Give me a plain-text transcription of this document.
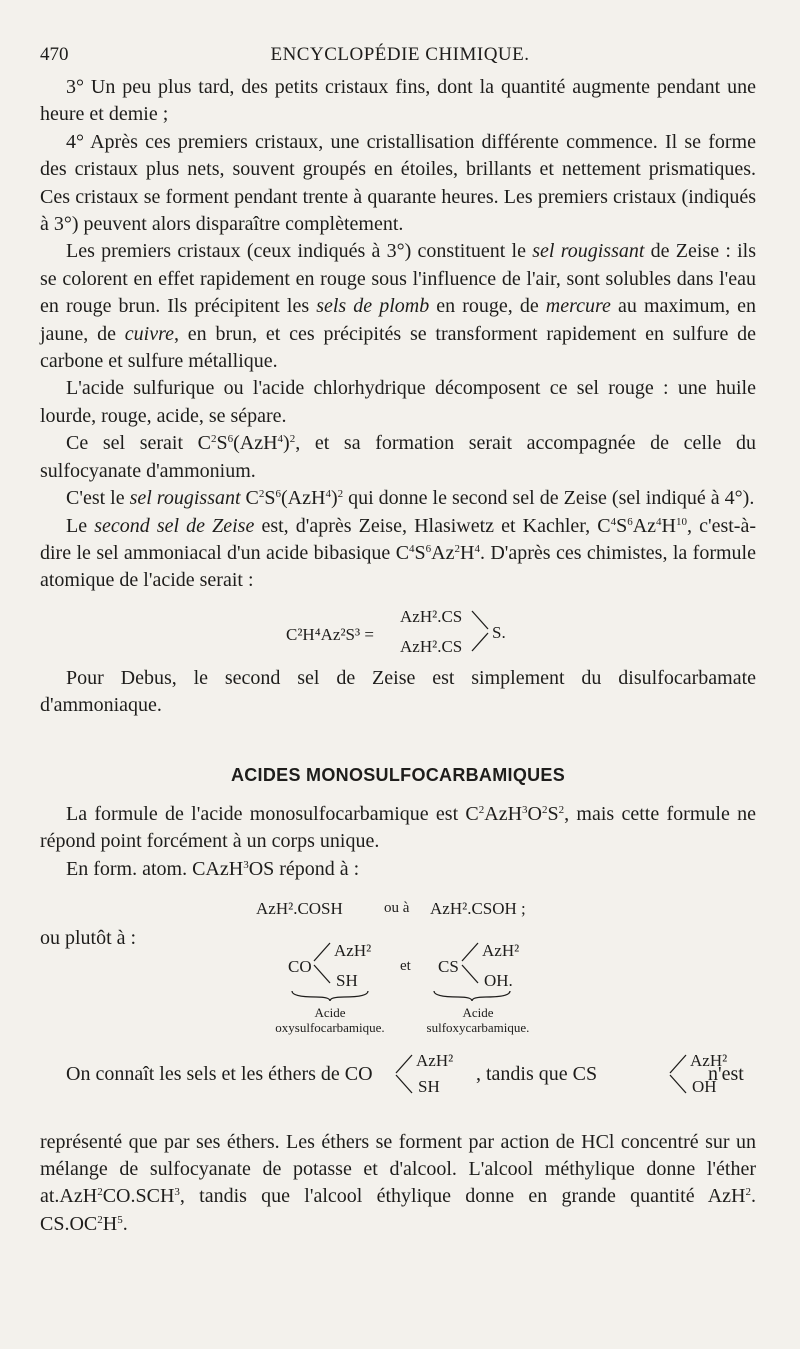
470	ENCYCLOPÉDIE CHIMIQUE.

3° Un peu plus tard, des petits cristaux fins, dont la quantité augmente pendant une heure et demie ;

4° Après ces premiers cristaux, une cristallisation différente commence. Il se forme des cristaux plus nets, souvent groupés en étoiles, brillants et nettement prismatiques. Ces cristaux se forment pendant trente à quarante heures. Les premiers cristaux (indiqués à 3°) peuvent alors disparaître complètement.

Les premiers cristaux (ceux indiqués à 3°) constituent le sel rougissant de Zeise : ils se colorent en effet rapidement en rouge sous l'influence de l'air, sont solubles dans l'eau en rouge brun. Ils précipitent les sels de plomb en rouge, de mercure au maximum, en jaune, de cuivre, en brun, et ces précipités se transforment rapidement en sulfure de carbone et sulfure métallique.

L'acide sulfurique ou l'acide chlorhydrique décomposent ce sel rouge : une huile lourde, rouge, acide, se sépare.

Ce sel serait $C^2S^6(AzH^4)^2$, et sa formation serait accompagnée de celle du sulfocyanate d'ammonium.

C'est le sel rougissant $C^2S^6(AzH^4)^2$ qui donne le second sel de Zeise (sel indiqué à 4°).

Le second sel de Zeise est, d'après Zeise, Hlasiwetz et Kachler, $C^4S^6Az^4H^{10}$, c'est-à-dire le sel ammoniacal d'un acide bibasique $C^4S^6Az^2H^4$. D'après ces chimistes, la formule atomique de l'acide serait :

C²H⁴Az²S³ =
AzH².CS
AzH².CS
S.

Pour Debus, le second sel de Zeise est simplement du disulfocarbamate d'ammoniaque.

ACIDES MONOSULFOCARBAMIQUES

La formule de l'acide monosulfocarbamique est $C^2AzH^3O^2S^2$, mais cette formule ne répond point forcément à un corps unique.

En form. atom. CAzH$^3$OS répond à :

AzH².COSH	ou à AzH².CSOH ;

ou plutôt à :

CO
AzH²
SH
et CS
AzH²
OH.
Acide
oxysulfocarbamique.
Acide
sulfoxycarbamique.
On connaît les sels et les éthers de CO
AzH²
SH
, tandis que CS
AzH²
OH
n'est

représenté que par ses éthers. Les éthers se forment par action de HCl concentré sur un mélange de sulfocyanate de potasse et d'alcool. L'alcool méthylique donne l'éther at.AzH$^2$CO.SCH$^3$, tandis que l'alcool éthylique donne en grande quantité AzH$^2$. $CS.OC^2H^5$.
